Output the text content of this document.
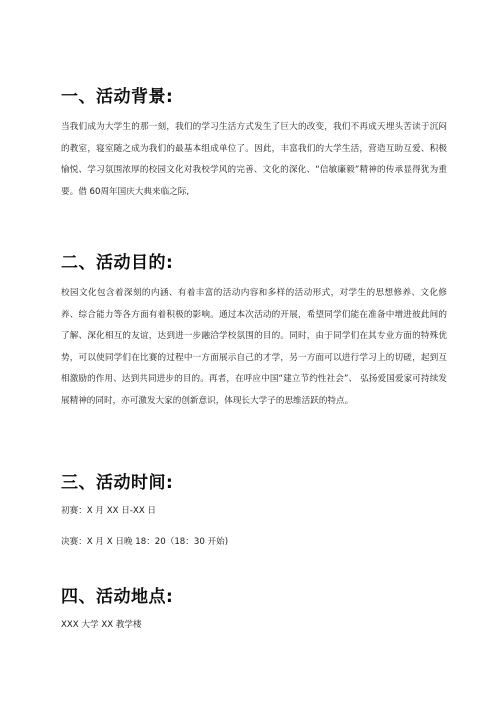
一、活动背景:

当我们成为大学生的那一刻，我们的学习生活方式发生了巨大的改变，我们不再成天埋头苦读于沉闷的教室，寝室随之成为我们的最基本组成单位了。因此，丰富我们的大学生活，营造互助互爱、积极愉悦、学习氛围浓厚的校园文化对我校学风的完善、文化的深化、“信敏廉毅”精神的传承显得犹为重要。借 60周年国庆大典来临之际,

二、活动目的:

校园文化包含着深刻的内涵、有着丰富的活动内容和多样的活动形式，对学生的思想修养、文化修养、综合能力等各方面有着积极的影响。通过本次活动的开展，希望同学们能在准备中增进彼此间的了解、深化相互的友谊，达到进一步融洽学校氛围的目的。同时，由于同学们在其专业方面的特殊优势，可以使同学们在比赛的过程中一方面展示自己的才学，另一方面可以进行学习上的切磋，起到互相激励的作用、达到共同进步的目的。再者，在呼应中国“建立节约性社会”、 弘扬爱国爱家可持续发展精神的同时，亦可激发大家的创新意识，体现长大学子的思维活跃的特点。

三、活动时间:

初赛：X 月 XX 日-XX 日

决赛：X 月 X 日晚 18：20（18：30 开始)

四、活动地点:

XXX 大学 XX 教学楼
